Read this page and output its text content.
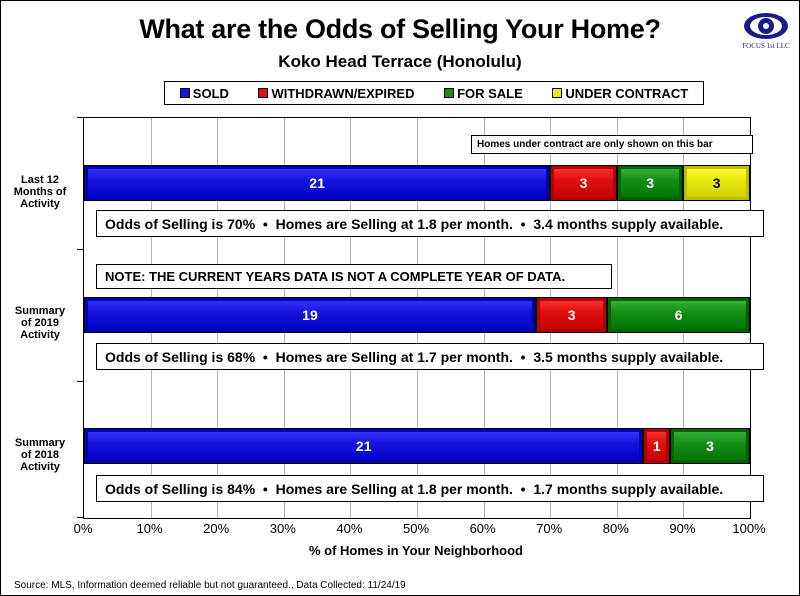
What are the Odds of Selling Your Home?
Koko Head Terrace (Honolulu)
FOCUS 1st LLC
SOLD	WITHDRAWN/EXPIRED	FOR SALE	UNDER CONTRACT
21	3	3	3
Odds of Selling is 70%  •  Homes are Selling at 1.8 per month.  •  3.4 months supply available.
19	3	6
Odds of Selling is 68%  •  Homes are Selling at 1.7 per month.  •  3.5 months supply available.
21	1	3
Odds of Selling is 84%  •  Homes are Selling at 1.8 per month.  •  1.7 months supply available.
Homes under contract are only shown on this bar
NOTE: THE CURRENT YEARS DATA IS NOT A COMPLETE YEAR OF DATA.
Last 12
Months of
Activity
Summary
of 2019
Activity
Summary
of 2018
Activity
0%	10%	20%	30%	40%	50%	60%	70%	80%	90%	100%
% of Homes in Your Neighborhood
Source: MLS, Information deemed reliable but not guaranteed., Data Collected: 11/24/19
